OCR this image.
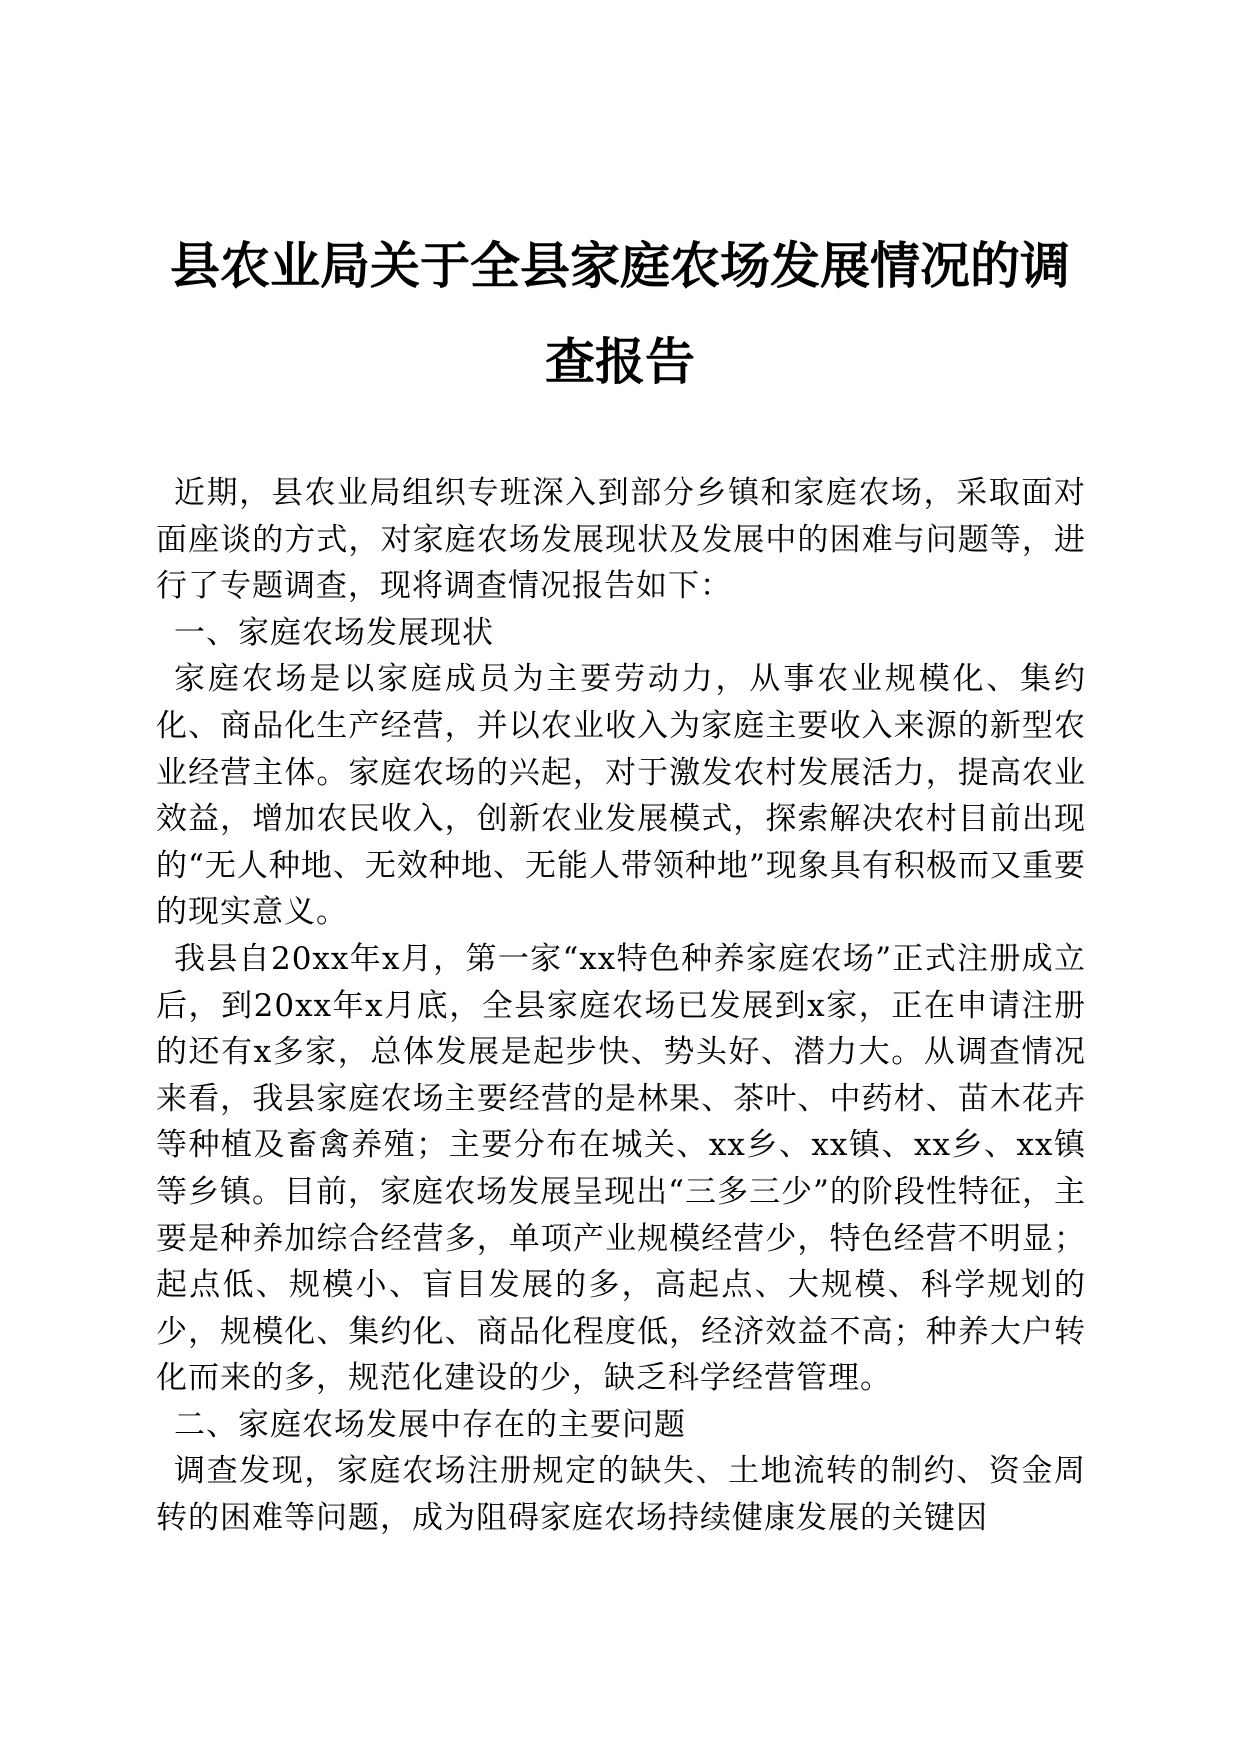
县农业局关于全县家庭农场发展情况的调查报告

近期，县农业局组织专班深入到部分乡镇和家庭农场，采取面对面座谈的方式，对家庭农场发展现状及发展中的困难与问题等，进行了专题调查，现将调查情况报告如下：

一、家庭农场发展现状

家庭农场是以家庭成员为主要劳动力，从事农业规模化、集约化、商品化生产经营，并以农业收入为家庭主要收入来源的新型农业经营主体。家庭农场的兴起，对于激发农村发展活力，提高农业效益，增加农民收入，创新农业发展模式，探索解决农村目前出现的“无人种地、无效种地、无能人带领种地”现象具有积极而又重要的现实意义。

我县自20xx年x月，第一家“xx特色种养家庭农场”正式注册成立后，到20xx年x月底，全县家庭农场已发展到x家，正在申请注册的还有x多家，总体发展是起步快、势头好、潜力大。从调查情况来看，我县家庭农场主要经营的是林果、茶叶、中药材、苗木花卉等种植及畜禽养殖；主要分布在城关、xx乡、xx镇、xx乡、xx镇等乡镇。目前，家庭农场发展呈现出“三多三少”的阶段性特征，主要是种养加综合经营多，单项产业规模经营少，特色经营不明显；起点低、规模小、盲目发展的多，高起点、大规模、科学规划的少，规模化、集约化、商品化程度低，经济效益不高；种养大户转化而来的多，规范化建设的少，缺乏科学经营管理。

二、家庭农场发展中存在的主要问题

调查发现，家庭农场注册规定的缺失、土地流转的制约、资金周转的困难等问题，成为阻碍家庭农场持续健康发展的关键因
